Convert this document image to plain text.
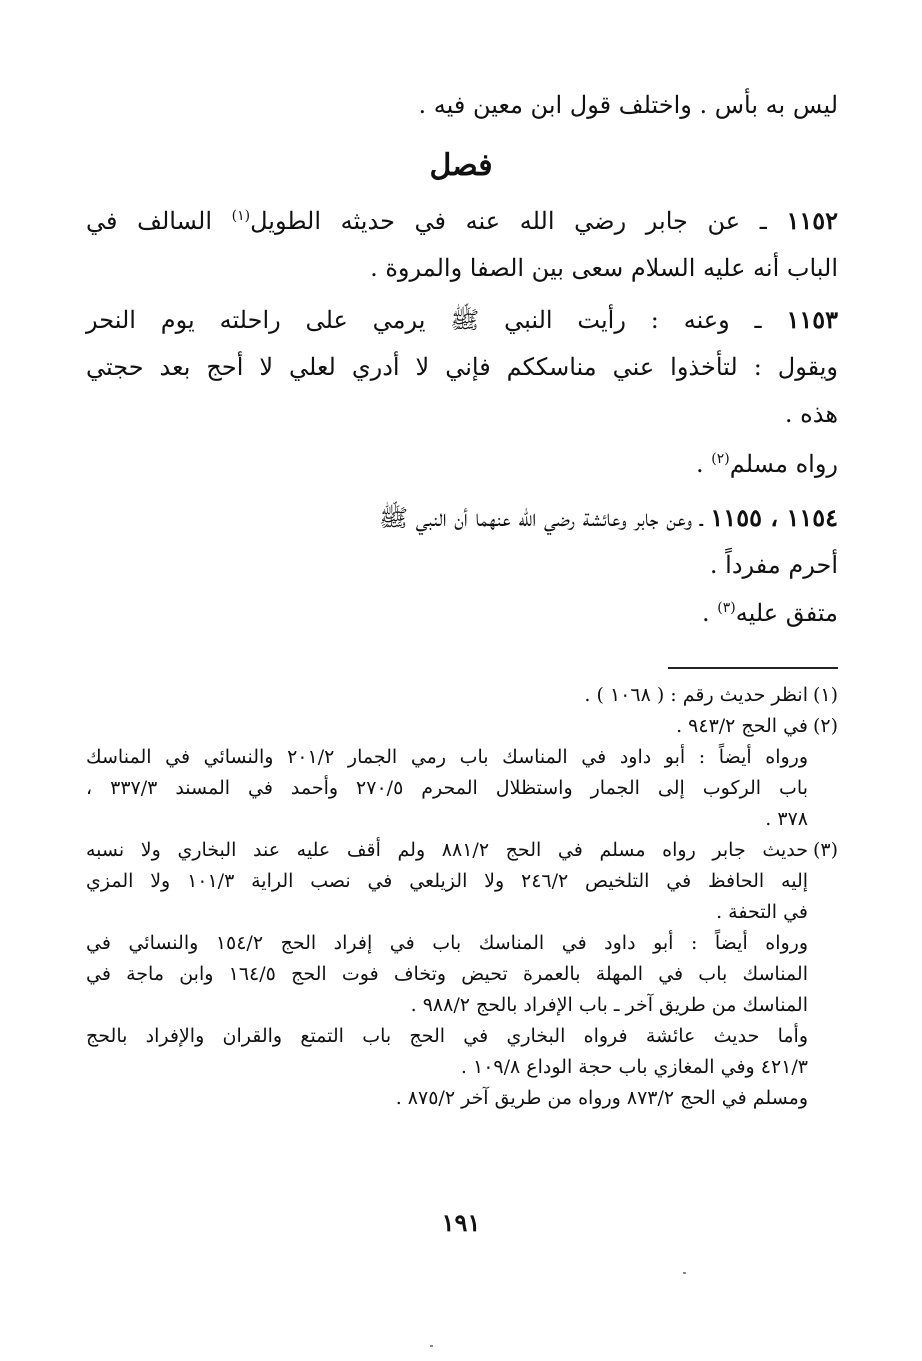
ليس به بأس . واختلف قول ابن معين فيه .
فصل
١١٥٢ ـ عن جابر رضي الله عنه في حديثه الطويل$^{(١)}$ السالف في
الباب أنه عليه السلام سعى بين الصفا والمروة .
١١٥٣ ـ وعنه : رأيت النبي ﷺ يرمي على راحلته يوم النحر
ويقول : لتأخذوا عني مناسككم فإني لا أدري لعلي لا أحج بعد حجتي
هذه .
رواه مسلم$^{(٢)}$ .
١١٥٤ ، ١١٥٥ ـ وعن جابر وعائشة رضي الله عنهما أن النبي ﷺ
أحرم مفرداً .
متفق عليه$^{(٣)}$ .
(١)
انظر حديث رقم : ( ١٠٦٨ ) .
(٢)
في الحج ٩٤٣/٢ .
ورواه أيضاً : أبو داود في المناسك باب رمي الجمار ٢٠١/٢ والنسائي في المناسك
باب الركوب إلى الجمار واستظلال المحرم ٢٧٠/٥ وأحمد في المسند ٣٣٧/٣ ،
٣٧٨ .
(٣)
حديث جابر رواه مسلم في الحج ٨٨١/٢ ولم أقف عليه عند البخاري ولا نسبه
إليه الحافظ في التلخيص ٢٤٦/٢ ولا الزيلعي في نصب الراية ١٠١/٣ ولا المزي
في التحفة .
ورواه أيضاً : أبو داود في المناسك باب في إفراد الحج ١٥٤/٢ والنسائي في
المناسك باب في المهلة بالعمرة تحيض وتخاف فوت الحج ١٦٤/٥ وابن ماجة في
المناسك من طريق آخر ـ باب الإفراد بالحج ٩٨٨/٢ .
وأما حديث عائشة فرواه البخاري في الحج باب التمتع والقران والإفراد بالحج
٤٢١/٣ وفي المغازي باب حجة الوداع ١٠٩/٨ .
ومسلم في الحج ٨٧٣/٢ ورواه من طريق آخر ٨٧٥/٢ .
١٩١
